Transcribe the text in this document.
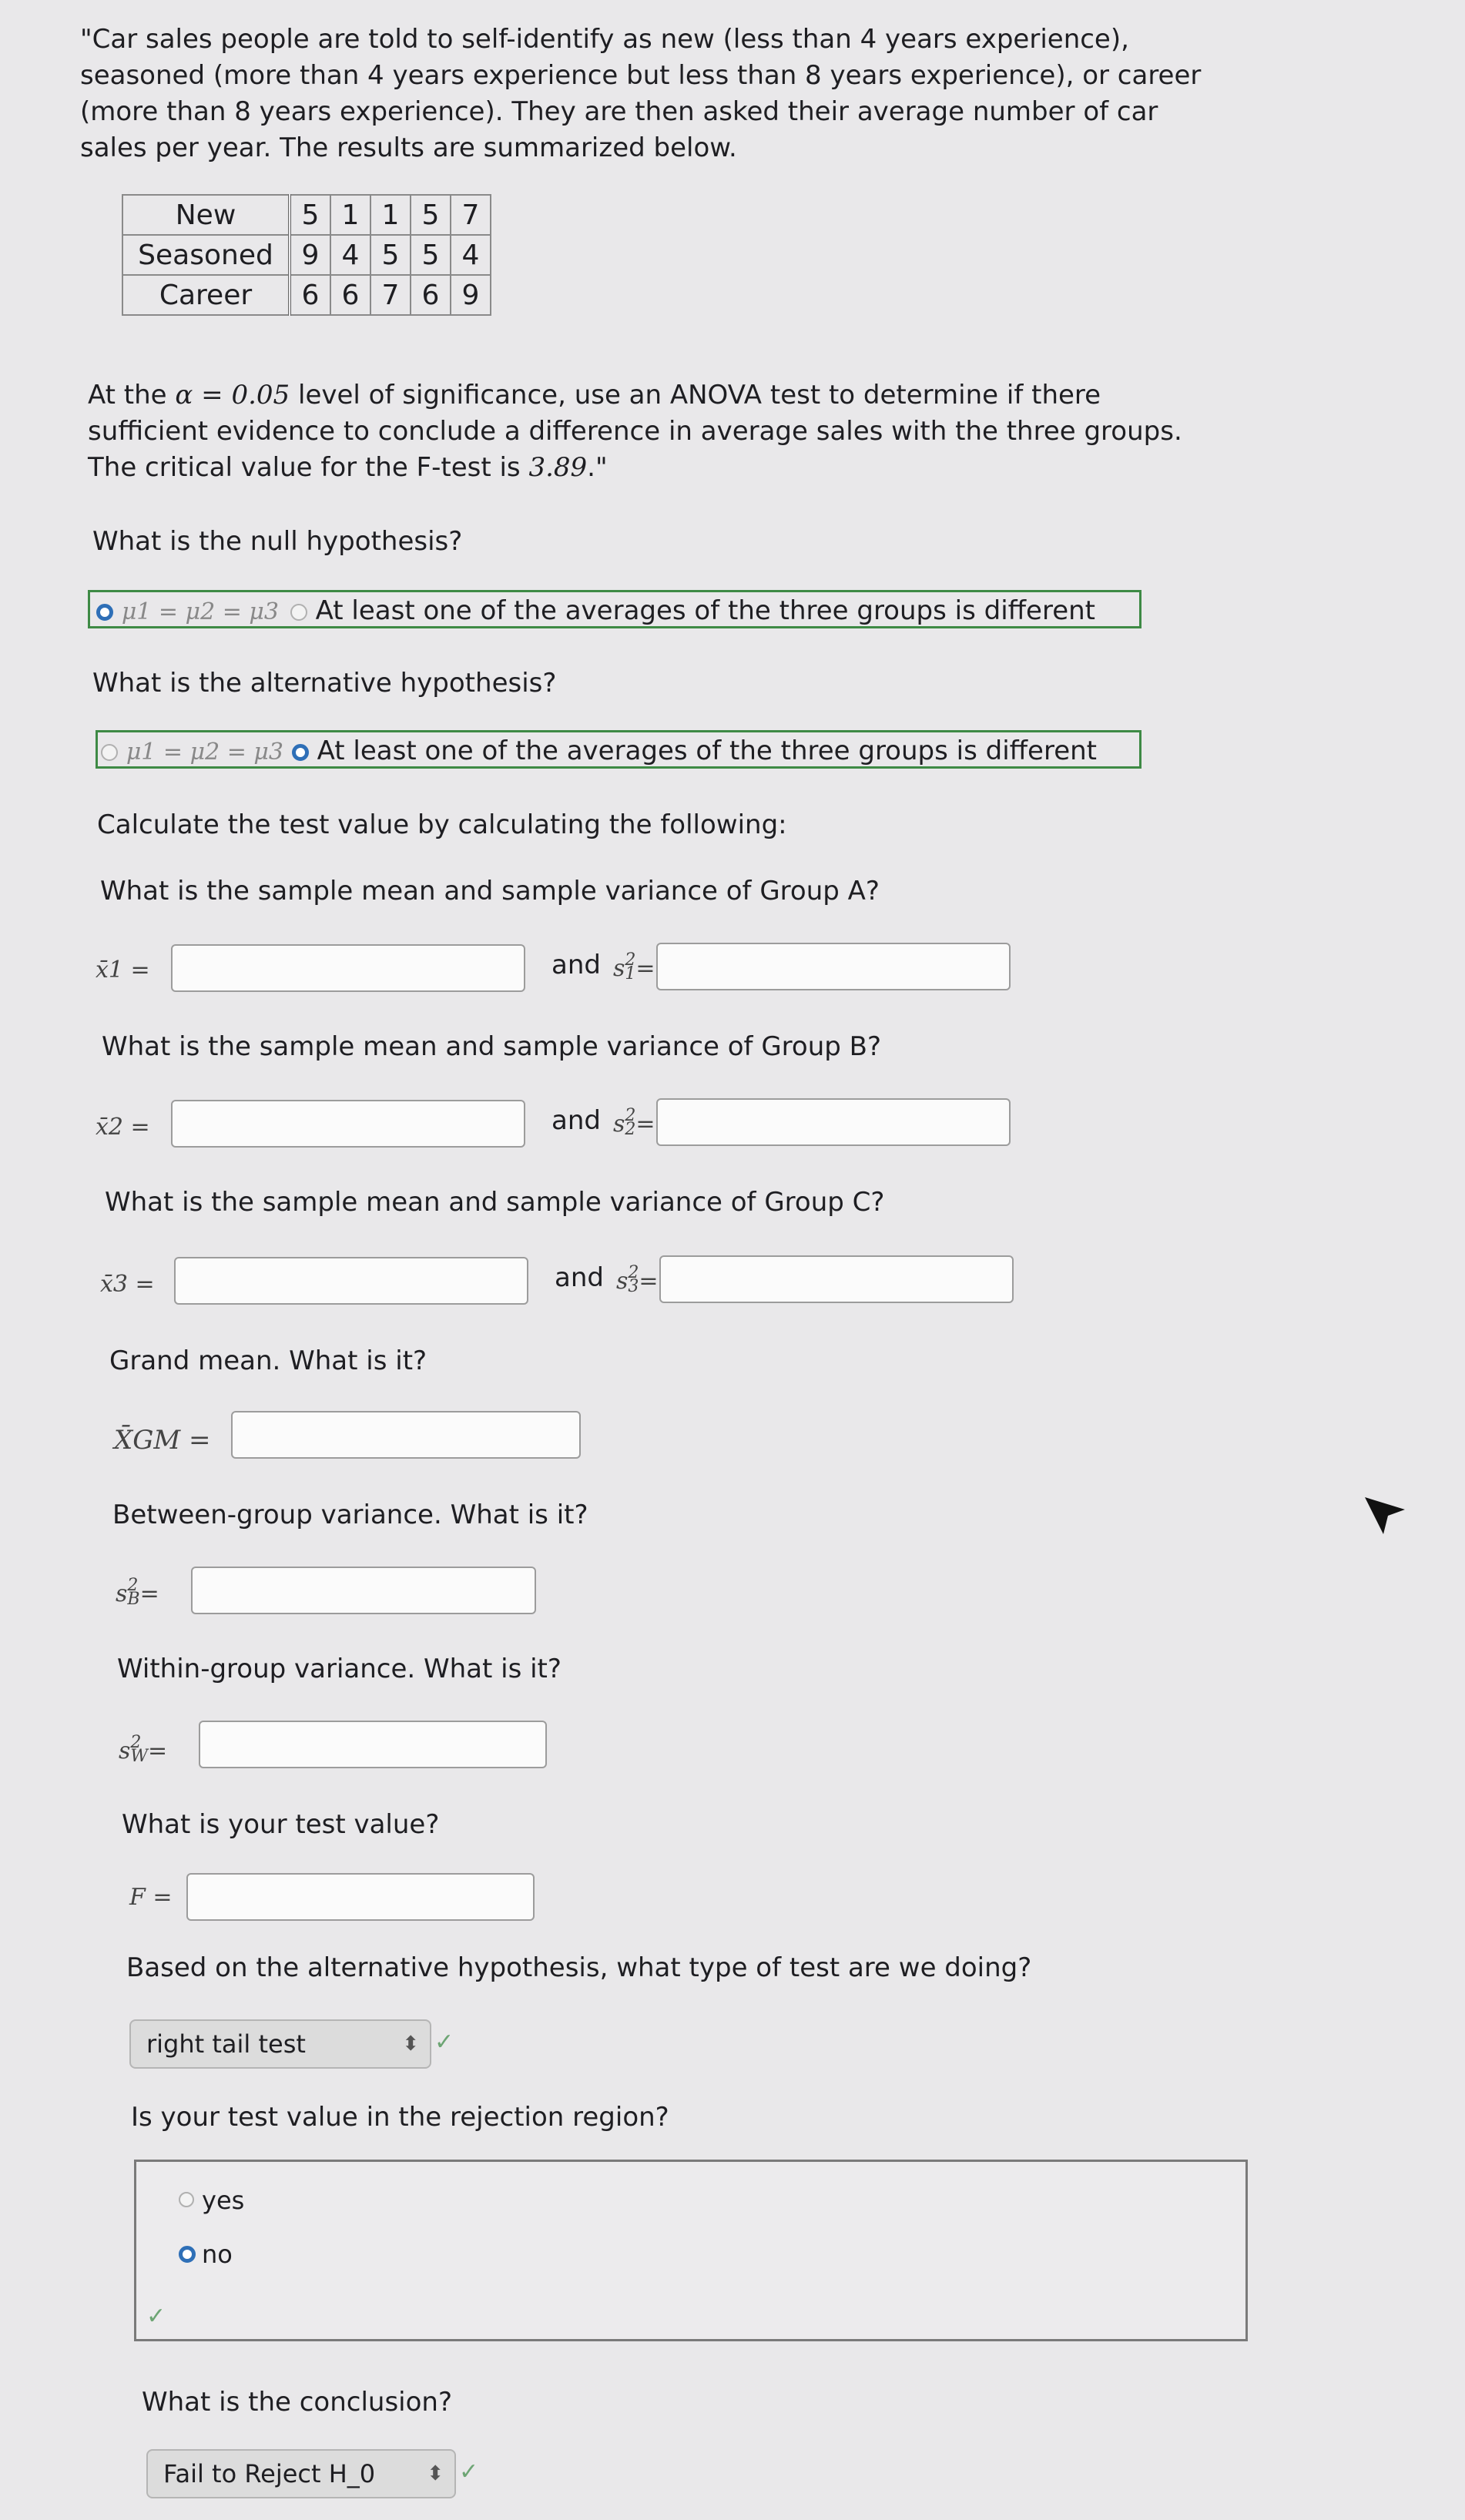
"Car sales people are told to self-identify as new (less than 4 years experience),
seasoned (more than 4 years experience but less than 8 years experience), or career
(more than 8 years experience). They are then asked their average number of car
sales per year. The results are summarized below.
New	5	1	1	5	7
Seasoned	9	4	5	5	4
Career	6	6	7	6	9
At the α = 0.05 level of significance, use an ANOVA test to determine if there
sufficient evidence to conclude a difference in average sales with the three groups.
The critical value for the F-test is 3.89."
What is the null hypothesis?
μ1 = μ2 = μ3 At least one of the averages of the three groups is different
What is the alternative hypothesis?
μ1 = μ2 = μ3 At least one of the averages of the three groups is different
Calculate the test value by calculating the following:
What is the sample mean and sample variance of Group A?
x̄1 =	and $s^21=$
What is the sample mean and sample variance of Group B?
x̄2 =	and $s^22=$
What is the sample mean and sample variance of Group C?
x̄3 =	and $s^23=$
Grand mean. What is it?
X̄GM =
Between-group variance. What is it?
$s^2B=$
Within-group variance. What is it?
$s^2W=$
What is your test value?
F =
Based on the alternative hypothesis, what type of test are we doing?
right tail test	⬍ ✓
Is your test value in the rejection region?
yes
no
✓
What is the conclusion?
Fail to Reject H_0	⬍ ✓
